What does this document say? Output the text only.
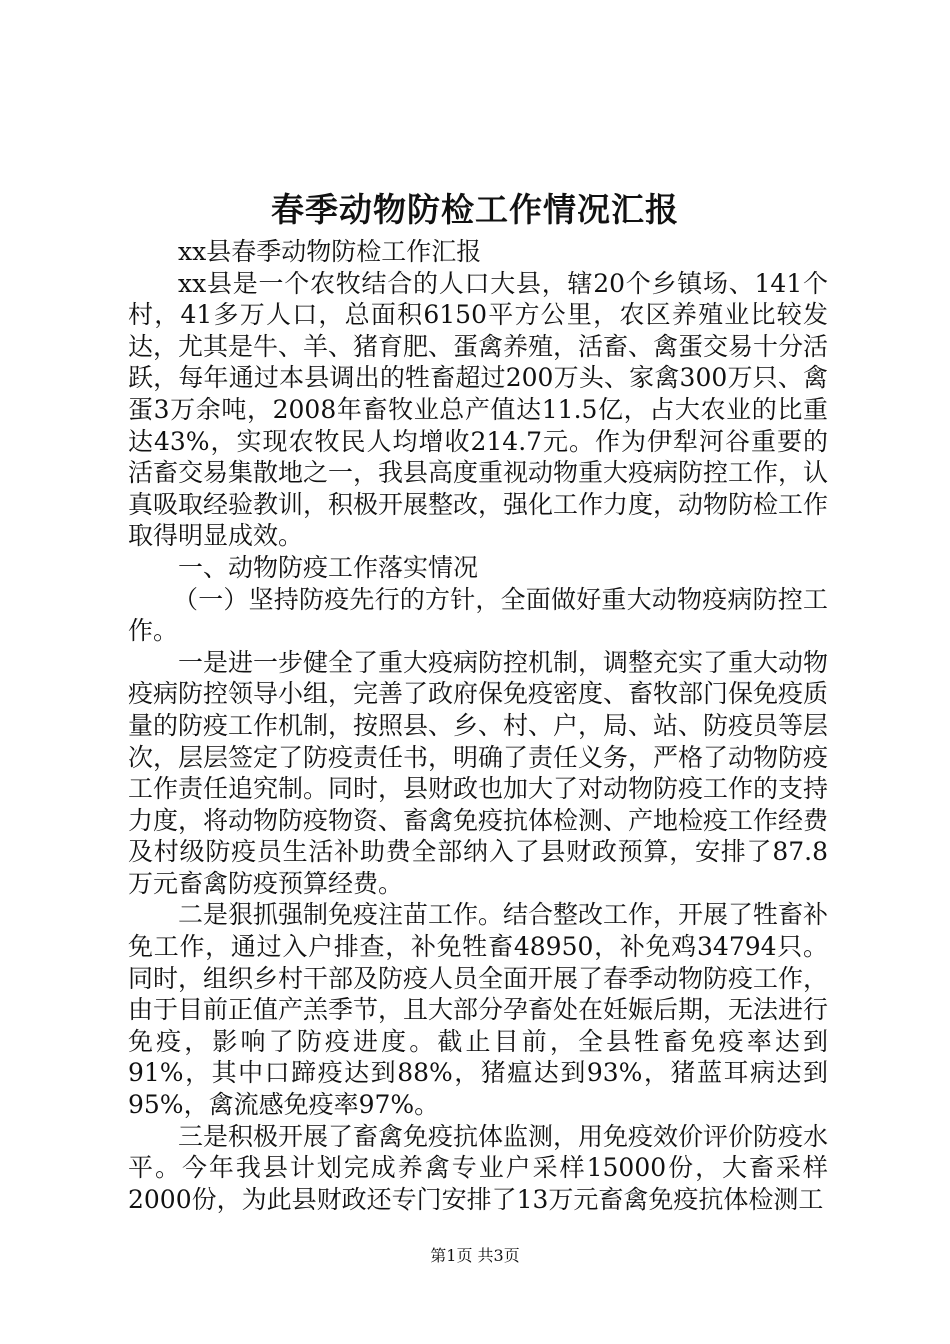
春季动物防检工作情况汇报

xx县春季动物防检工作汇报

xx县是一个农牧结合的人口大县，辖20个乡镇场、141个村，41多万人口，总面积6150平方公里，农区养殖业比较发达，尤其是牛、羊、猪育肥、蛋禽养殖，活畜、禽蛋交易十分活跃，每年通过本县调出的牲畜超过200万头、家禽300万只、禽蛋3万余吨，2008年畜牧业总产值达11.5亿，占大农业的比重达43%，实现农牧民人均增收214.7元。作为伊犁河谷重要的活畜交易集散地之一，我县高度重视动物重大疫病防控工作，认真吸取经验教训，积极开展整改，强化工作力度，动物防检工作取得明显成效。

一、动物防疫工作落实情况

（一）坚持防疫先行的方针，全面做好重大动物疫病防控工作。

一是进一步健全了重大疫病防控机制，调整充实了重大动物疫病防控领导小组，完善了政府保免疫密度、畜牧部门保免疫质量的防疫工作机制，按照县、乡、村、户，局、站、防疫员等层次，层层签定了防疫责任书，明确了责任义务，严格了动物防疫工作责任追究制。同时，县财政也加大了对动物防疫工作的支持力度，将动物防疫物资、畜禽免疫抗体检测、产地检疫工作经费及村级防疫员生活补助费全部纳入了县财政预算，安排了87.8万元畜禽防疫预算经费。

二是狠抓强制免疫注苗工作。结合整改工作，开展了牲畜补免工作，通过入户排查，补免牲畜48950，补免鸡34794只。同时，组织乡村干部及防疫人员全面开展了春季动物防疫工作，由于目前正值产羔季节，且大部分孕畜处在妊娠后期，无法进行免疫，影响了防疫进度。截止目前，全县牲畜免疫率达到91%，其中口蹄疫达到88%，猪瘟达到93%，猪蓝耳病达到95%，禽流感免疫率97%。

三是积极开展了畜禽免疫抗体监测，用免疫效价评价防疫水平。今年我县计划完成养禽专业户采样15000份，大畜采样2000份，为此县财政还专门安排了13万元畜禽免疫抗体检测工

第1页 共3页
